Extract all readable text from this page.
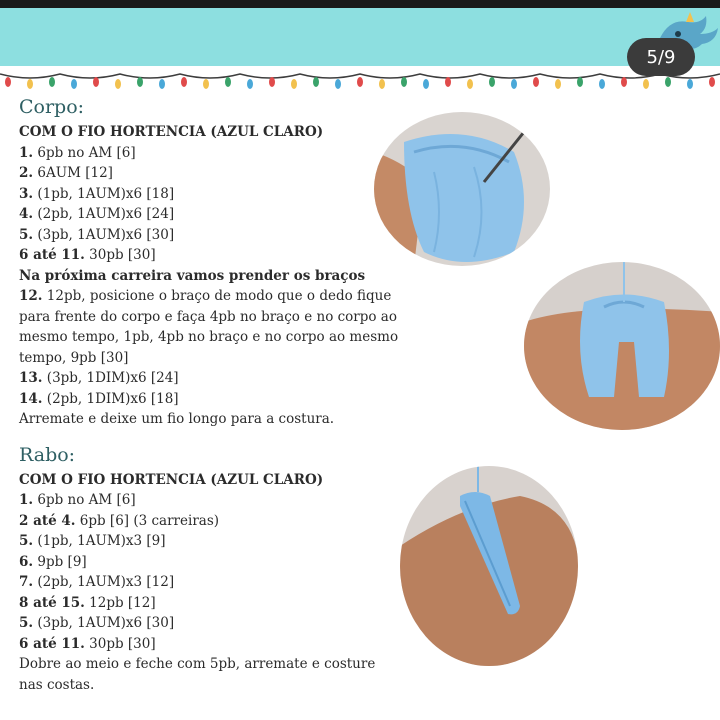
5/9
Corpo:
COM O FIO HORTENCIA (AZUL CLARO)
1. 6pb no AM [6]
2. 6AUM [12]
3. (1pb, 1AUM)x6 [18]
4. (2pb, 1AUM)x6 [24]
5. (3pb, 1AUM)x6 [30]
6 até 11. 30pb [30]
Na próxima carreira vamos prender os braços
12. 12pb, posicione o braço de modo que o dedo fique para frente do corpo e faça 4pb no braço e no corpo ao mesmo tempo, 1pb, 4pb no braço e no corpo ao mesmo tempo, 9pb [30]
13. (3pb, 1DIM)x6 [24]
14. (2pb, 1DIM)x6 [18]
Arremate e deixe um fio longo para a costura.
Rabo:
COM O FIO HORTENCIA (AZUL CLARO)
1. 6pb no AM [6]
2 até 4. 6pb [6] (3 carreiras)
5. (1pb, 1AUM)x3 [9]
6. 9pb [9]
7. (2pb, 1AUM)x3 [12]
8 até 15. 12pb [12]
5. (3pb, 1AUM)x6 [30]
6 até 11. 30pb [30]
Dobre ao meio e feche com 5pb, arremate e costure nas costas.
